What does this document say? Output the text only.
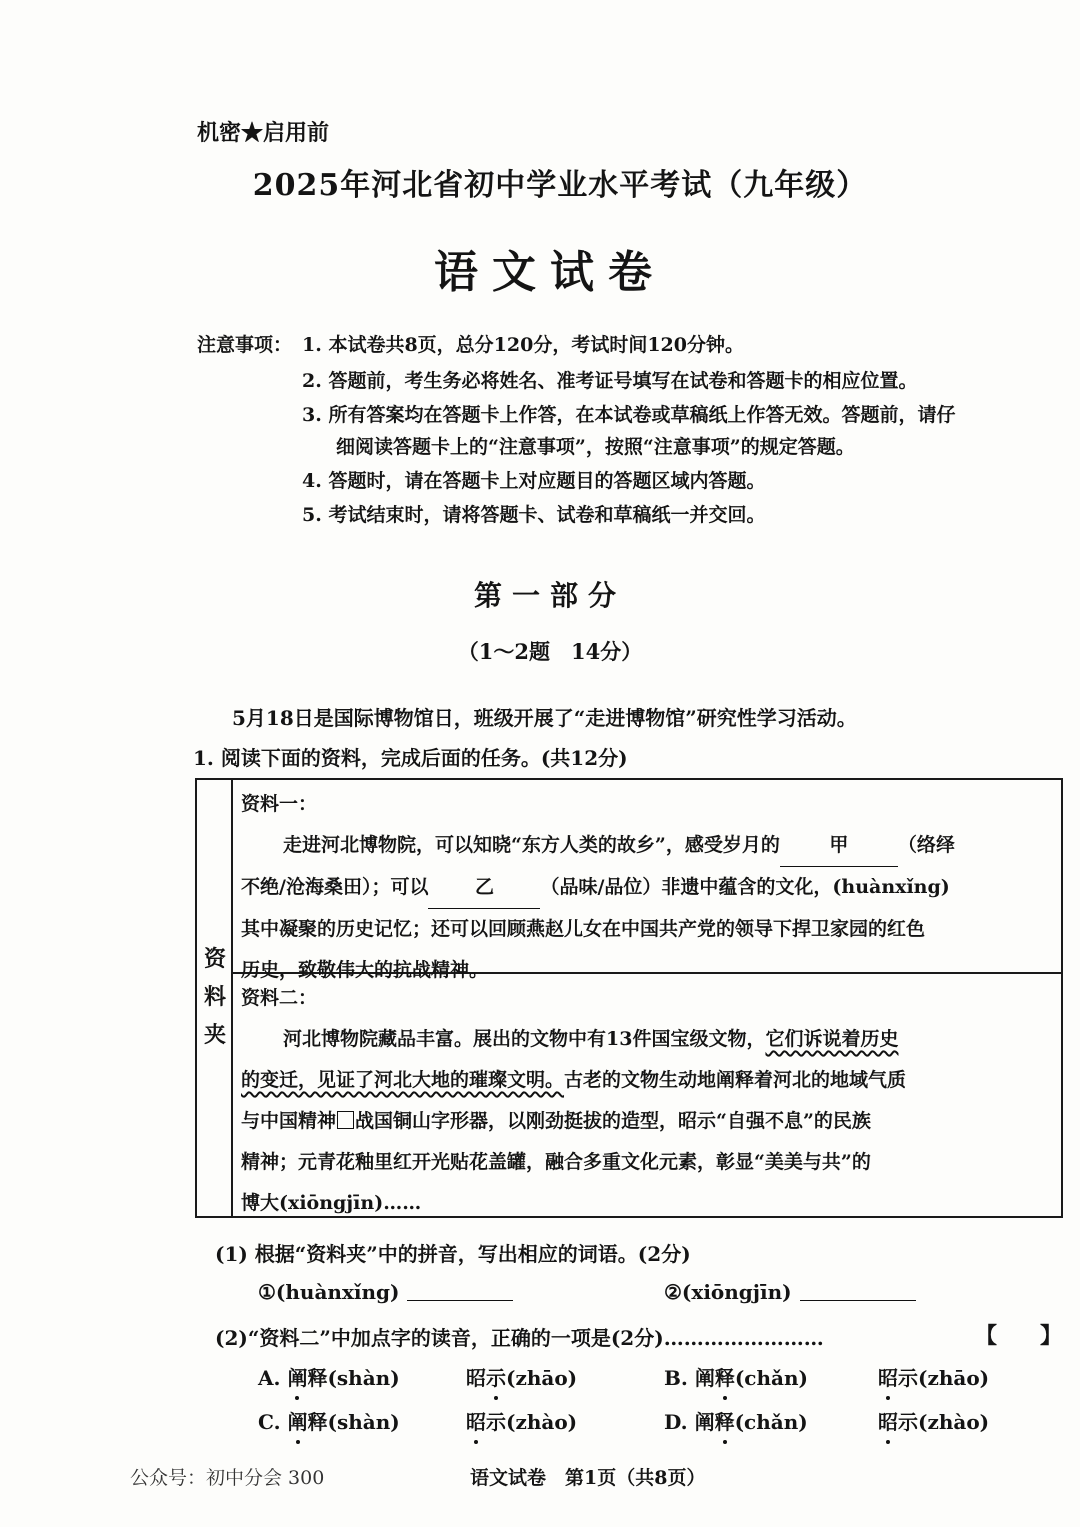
机密★启用前
2025年河北省初中学业水平考试（九年级）
语文试卷
注意事项： 1. 本试卷共8页，总分120分，考试时间120分钟。
2. 答题前，考生务必将姓名、准考证号填写在试卷和答题卡的相应位置。
3. 所有答案均在答题卡上作答，在本试卷或草稿纸上作答无效。答题前，请仔
细阅读答题卡上的“注意事项”，按照“注意事项”的规定答题。
4. 答题时，请在答题卡上对应题目的答题区域内答题。
5. 考试结束时，请将答题卡、试卷和草稿纸一并交回。
第一部分
（1～2题　14分）
5月18日是国际博物馆日，班级开展了“走进博物馆”研究性学习活动。
1. 阅读下面的资料，完成后面的任务。(共12分)
资料夹

资料一：

走进河北博物院，可以知晓“东方人类的故乡”，感受岁月的	甲	（络绎

不绝/沧海桑田）；可以 乙 （品味/品位）非遗中蕴含的文化，(huànxǐng)

其中凝聚的历史记忆；还可以回顾燕赵儿女在中国共产党的领导下捍卫家园的红色

历史，致敬伟大的抗战精神。

资料二：

河北博物院藏品丰富。展出的文物中有13件国宝级文物，它们诉说着历史

的变迁，见证了河北大地的璀璨文明。古老的文物生动地阐释着河北的地域气质

与中国精神 战国铜山字形器，以刚劲挺拔的造型，昭示“自强不息”的民族

精神；元青花釉里红开光贴花盖罐，融合多重文化元素，彰显“美美与共”的

博大(xiōngjīn)……

(1) 根据“资料夹”中的拼音，写出相应的词语。(2分)
①(huànxǐng)	②(xiōngjīn)
(2)“资料二”中加点字的读音，正确的一项是(2分)……………………	【 】
A. 阐释(shàn)	昭示(zhāo)	B. 阐释(chǎn)	昭示(zhāo)
C. 阐释(shàn)	昭示(zhào)	D. 阐释(chǎn)	昭示(zhào)
公众号：初中分会 300	语文试卷　第1页（共8页）
